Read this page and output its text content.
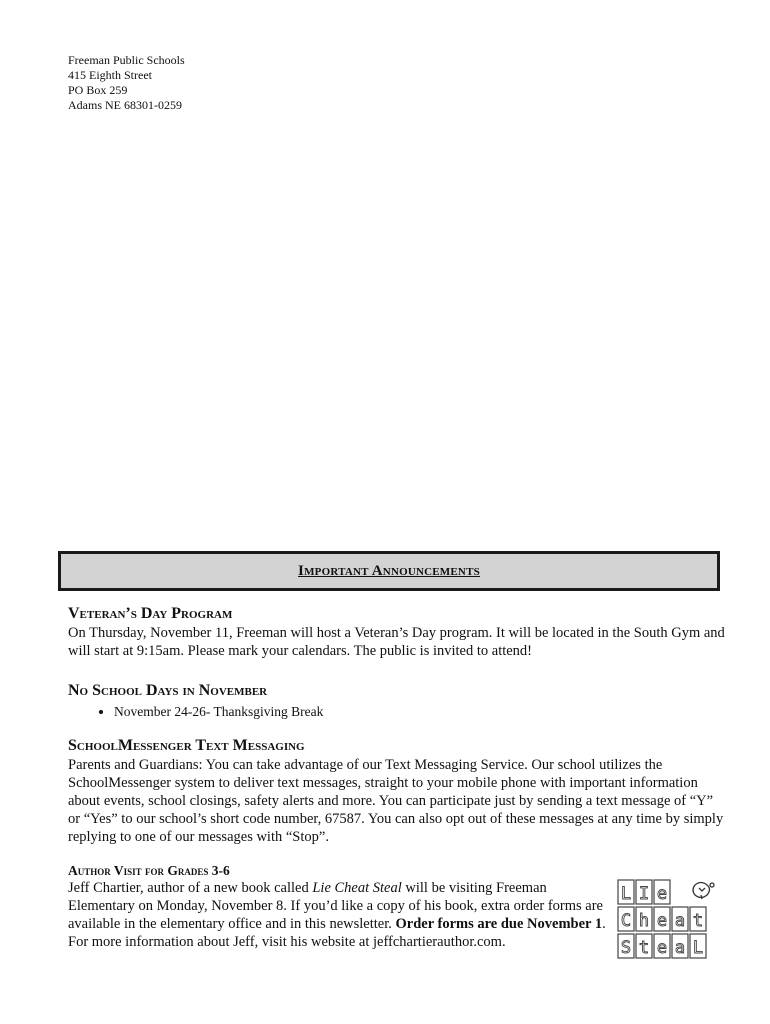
Freeman Public Schools
415 Eighth Street
PO Box 259
Adams NE 68301-0259
Important Announcements
Veteran’s Day Program
On Thursday, November 11, Freeman will host a Veteran’s Day program. It will be located in the South Gym and will start at 9:15am. Please mark your calendars. The public is invited to attend!
No School Days in November
• November 24-26- Thanksgiving Break
SchoolMessenger Text Messaging
Parents and Guardians: You can take advantage of our Text Messaging Service. Our school utilizes the SchoolMessenger system to deliver text messages, straight to your mobile phone with important information about events, school closings, safety alerts and more. You can participate just by sending a text message of “Y” or “Yes” to our school’s short code number, 67587. You can also opt out of these messages at any time by simply replying to one of our messages with “Stop”.
Author Visit for Grades 3-6
Jeff Chartier, author of a new book called Lie Cheat Steal will be visiting Freeman Elementary on Monday, November 8. If you’d like a copy of his book, extra order forms are available in the elementary office and in this newsletter. Order forms are due November 1. For more information about Jeff, visit his website at jeffchartierauthor.com.
L I e
C h e a t
S t e a L
